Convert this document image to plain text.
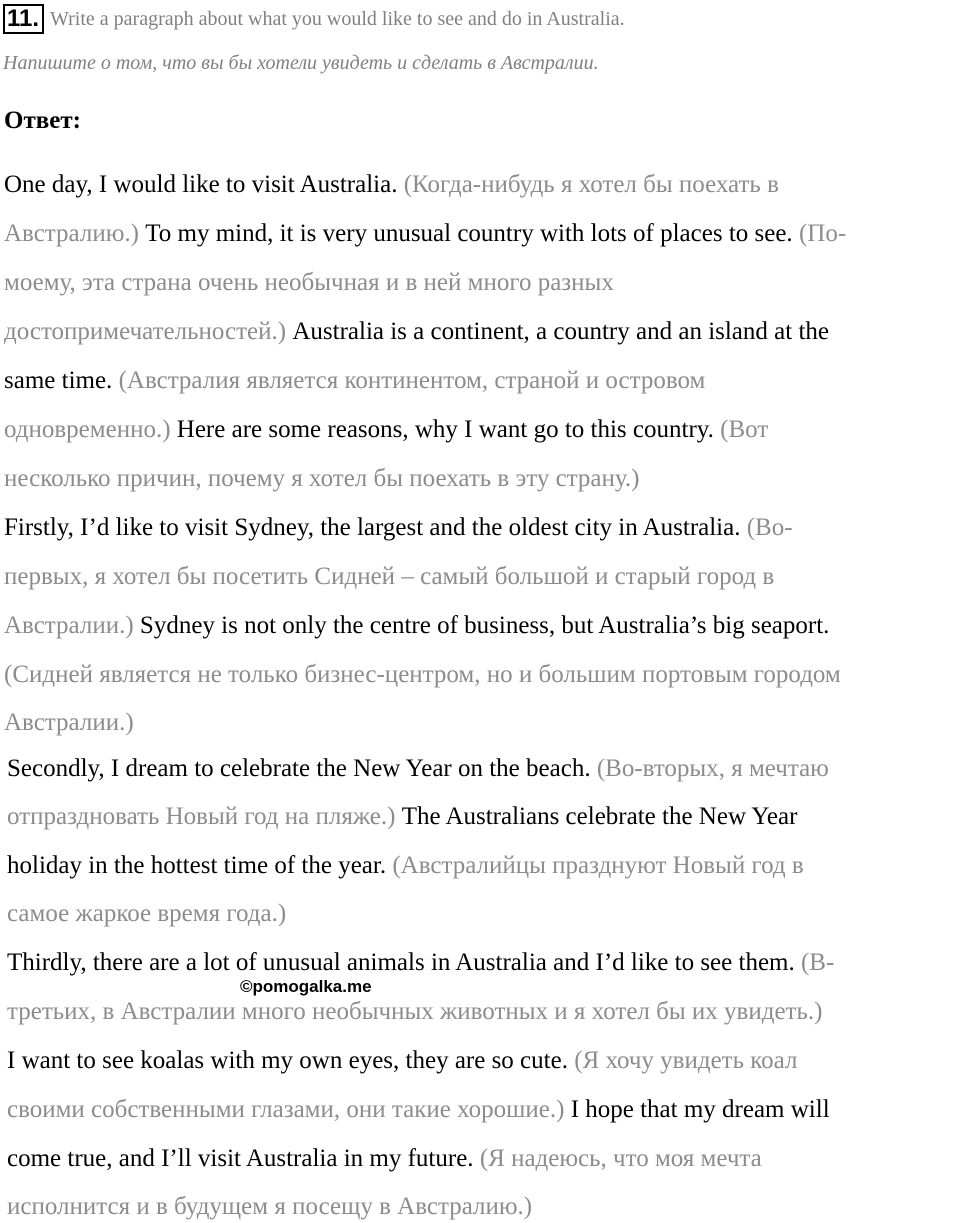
11. Write a paragraph about what you would like to see and do in Australia.
Напишите о том, что вы бы хотели увидеть и сделать в Австралии.
Ответ:
One day, I would like to visit Australia. (Когда-нибудь я хотел бы поехать в
Австралию.) To my mind, it is very unusual country with lots of places to see. (По-
моему, эта страна очень необычная и в ней много разных
достопримечательностей.) Australia is a continent, a country and an island at the
same time. (Австралия является континентом, страной и островом
одновременно.) Here are some reasons, why I want go to this country. (Вот
несколько причин, почему я хотел бы поехать в эту страну.)
Firstly, I’d like to visit Sydney, the largest and the oldest city in Australia. (Во-
первых, я хотел бы посетить Сидней – самый большой и старый город в
Австралии.) Sydney is not only the centre of business, but Australia’s big seaport.
(Сидней является не только бизнес-центром, но и большим портовым городом
Австралии.)
Secondly, I dream to celebrate the New Year on the beach. (Во-вторых, я мечтаю
отпраздновать Новый год на пляже.) The Australians celebrate the New Year
holiday in the hottest time of the year. (Австралийцы празднуют Новый год в
самое жаркое время года.)
Thirdly, there are a lot of unusual animals in Australia and I’d like to see them. (В-
третьих, в Австралии много необычных животных и я хотел бы их увидеть.)
I want to see koalas with my own eyes, they are so cute. (Я хочу увидеть коал
своими собственными глазами, они такие хорошие.) I hope that my dream will
come true, and I’ll visit Australia in my future. (Я надеюсь, что моя мечта
исполнится и в будущем я посещу в Австралию.)
©pomogalka.me
